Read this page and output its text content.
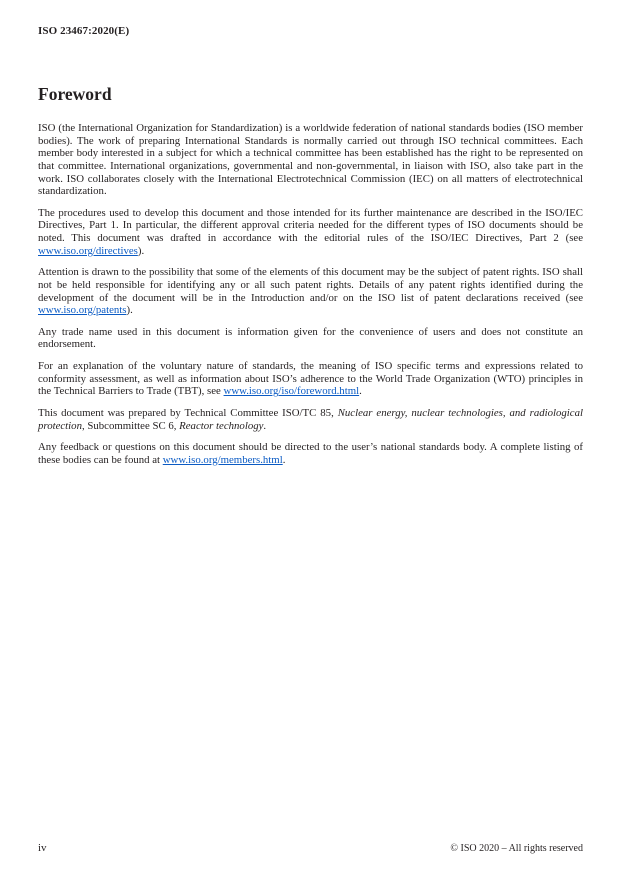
ISO 23467:2020(E)
Foreword

ISO (the International Organization for Standardization) is a worldwide federation of national standards bodies (ISO member bodies). The work of preparing International Standards is normally carried out through ISO technical committees. Each member body interested in a subject for which a technical committee has been established has the right to be represented on that committee. International organizations, governmental and non-governmental, in liaison with ISO, also take part in the work. ISO collaborates closely with the International Electrotechnical Commission (IEC) on all matters of electrotechnical standardization.

The procedures used to develop this document and those intended for its further maintenance are described in the ISO/IEC Directives, Part 1. In particular, the different approval criteria needed for the different types of ISO documents should be noted. This document was drafted in accordance with the editorial rules of the ISO/IEC Directives, Part 2 (see www.iso.org/directives).

Attention is drawn to the possibility that some of the elements of this document may be the subject of patent rights. ISO shall not be held responsible for identifying any or all such patent rights. Details of any patent rights identified during the development of the document will be in the Introduction and/or on the ISO list of patent declarations received (see www.iso.org/patents).

Any trade name used in this document is information given for the convenience of users and does not constitute an endorsement.

For an explanation of the voluntary nature of standards, the meaning of ISO specific terms and expressions related to conformity assessment, as well as information about ISO’s adherence to the World Trade Organization (WTO) principles in the Technical Barriers to Trade (TBT), see www.iso.org/iso/foreword.html.

This document was prepared by Technical Committee ISO/TC 85, Nuclear energy, nuclear technologies, and radiological protection, Subcommittee SC 6, Reactor technology.

Any feedback or questions on this document should be directed to the user’s national standards body. A complete listing of these bodies can be found at www.iso.org/members.html.

iv	© ISO 2020 – All rights reserved
